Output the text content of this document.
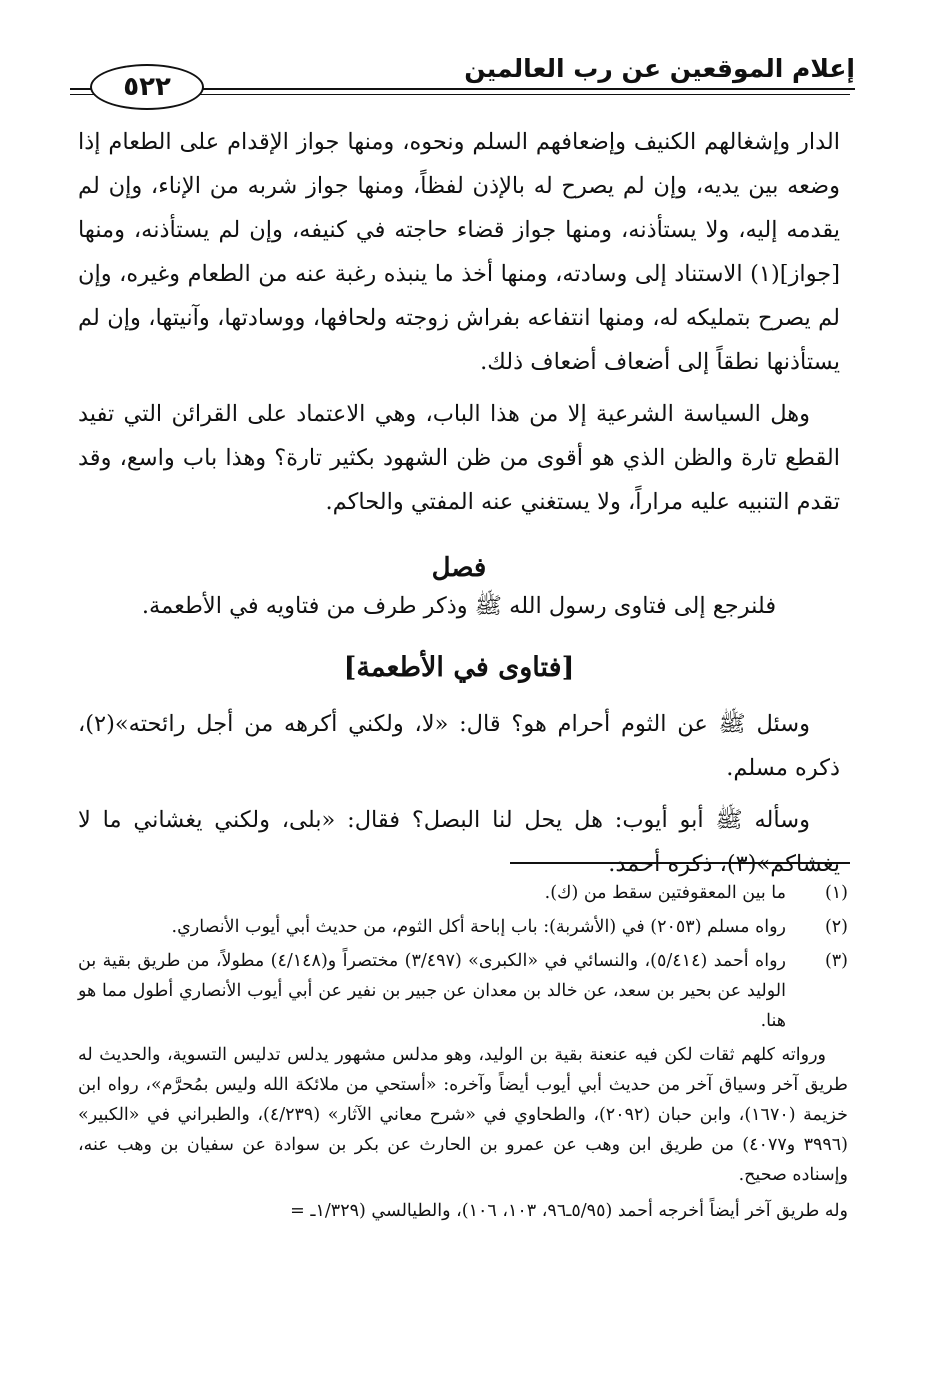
إعلام الموقعين عن رب العالمين
٥٢٢

الدار وإشغالهم الكنيف وإضعافهم السلم ونحوه، ومنها جواز الإقدام على الطعام إذا وضعه بين يديه، وإن لم يصرح له بالإذن لفظاً، ومنها جواز شربه من الإناء، وإن لم يقدمه إليه، ولا يستأذنه، ومنها جواز قضاء حاجته في كنيفه، وإن لم يستأذنه، ومنها [جواز](١) الاستناد إلى وسادته، ومنها أخذ ما ينبذه رغبة عنه من الطعام وغيره، وإن لم يصرح بتمليكه له، ومنها انتفاعه بفراش زوجته ولحافها، ووسادتها، وآنيتها، وإن لم يستأذنها نطقاً إلى أضعاف أضعاف ذلك.

وهل السياسة الشرعية إلا من هذا الباب، وهي الاعتماد على القرائن التي تفيد القطع تارة والظن الذي هو أقوى من ظن الشهود بكثير تارة؟ وهذا باب واسع، وقد تقدم التنبيه عليه مراراً، ولا يستغني عنه المفتي والحاكم.

فصل
فلنرجع إلى فتاوى رسول الله ﷺ وذكر طرف من فتاويه في الأطعمة.
[فتاوى في الأطعمة]

وسئل ﷺ عن الثوم أحرام هو؟ قال: «لا، ولكني أكرهه من أجل رائحته»(٢)، ذكره مسلم.

وسأله ﷺ أبو أيوب: هل يحل لنا البصل؟ فقال: «بلى، ولكني يغشاني ما لا يغشاكم»(٣)، ذكره أحمد.

(١)
ما بين المعقوفتين سقط من (ك).
(٢)
رواه مسلم (٢٠٥٣) في (الأشربة): باب إباحة أكل الثوم، من حديث أبي أيوب الأنصاري.
(٣)
رواه أحمد (٥/٤١٤)، والنسائي في «الكبرى» (٣/٤٩٧) مختصراً و(٤/١٤٨) مطولاً، من طريق بقية بن الوليد عن بحير بن سعد، عن خالد بن معدان عن جبير بن نفير عن أبي أيوب الأنصاري أطول مما هو هنا.
ورواته كلهم ثقات لكن فيه عنعنة بقية بن الوليد، وهو مدلس مشهور يدلس تدليس التسوية، والحديث له طريق آخر وسياق آخر من حديث أبي أيوب أيضاً وآخره: «أستحي من ملائكة الله وليس بمُحرَّم»، رواه ابن خزيمة (١٦٧٠)، وابن حبان (٢٠٩٢)، والطحاوي في «شرح معاني الآثار» (٤/٢٣٩)، والطبراني في «الكبير» (٣٩٩٦ و٤٠٧٧) من طريق ابن وهب عن عمرو بن الحارث عن بكر بن سوادة عن سفيان بن وهب عنه، وإسناده صحيح.
وله طريق آخر أيضاً أخرجه أحمد (٥/٩٥ـ٩٦، ١٠٣، ١٠٦)، والطيالسي (١/٣٢٩ـ =
